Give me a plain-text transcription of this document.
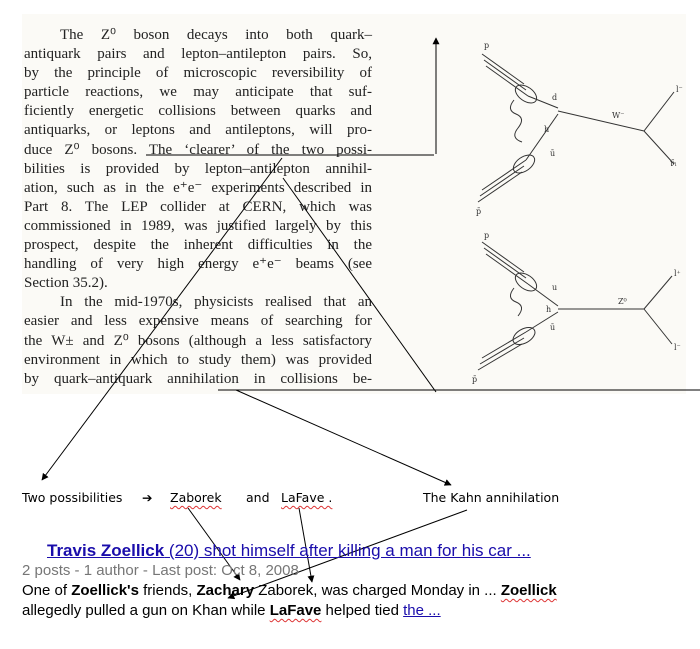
The Z⁰ boson decays into both quark–
antiquark pairs and lepton–antilepton pairs. So,
by the principle of microscopic reversibility of
particle reactions, we may anticipate that suf-
ficiently energetic collisions between quarks and
antiquarks, or leptons and antileptons, will pro-
duce Z⁰ bosons. The ‘clearer’ of the two possi-
bilities is provided by lepton–antilepton annihil-
ation, such as in the e⁺e⁻ experiments described in
Part 8. The LEP collider at CERN, which was
commissioned in 1989, was justified largely by this
prospect, despite the inherent difficulties in the
handling of very high energy e⁺e⁻ beams (see
Section 35.2).
In the mid-1970s, physicists realised that an
easier and less expensive means of searching for
the W± and Z⁰ bosons (although a less satisfactory
environment in which to study them) was provided
by quark–antiquark annihilation in collisions be-
p
d
h
ū
p̄
W⁻
l⁻
ν̄ₗ
p
u
h
ū
p̄
Z⁰
l⁺
l⁻
Two possibilities ➔ Zaborek and LaFave .	The Kahn annihilation
Travis Zoellick (20) shot himself after killing a man for his car ...
2 posts - 1 author - Last post: Oct 8, 2008
One of Zoellick's friends, Zachary Zaborek, was charged Monday in ... Zoellick
allegedly pulled a gun on Khan while LaFave helped tied the ...
